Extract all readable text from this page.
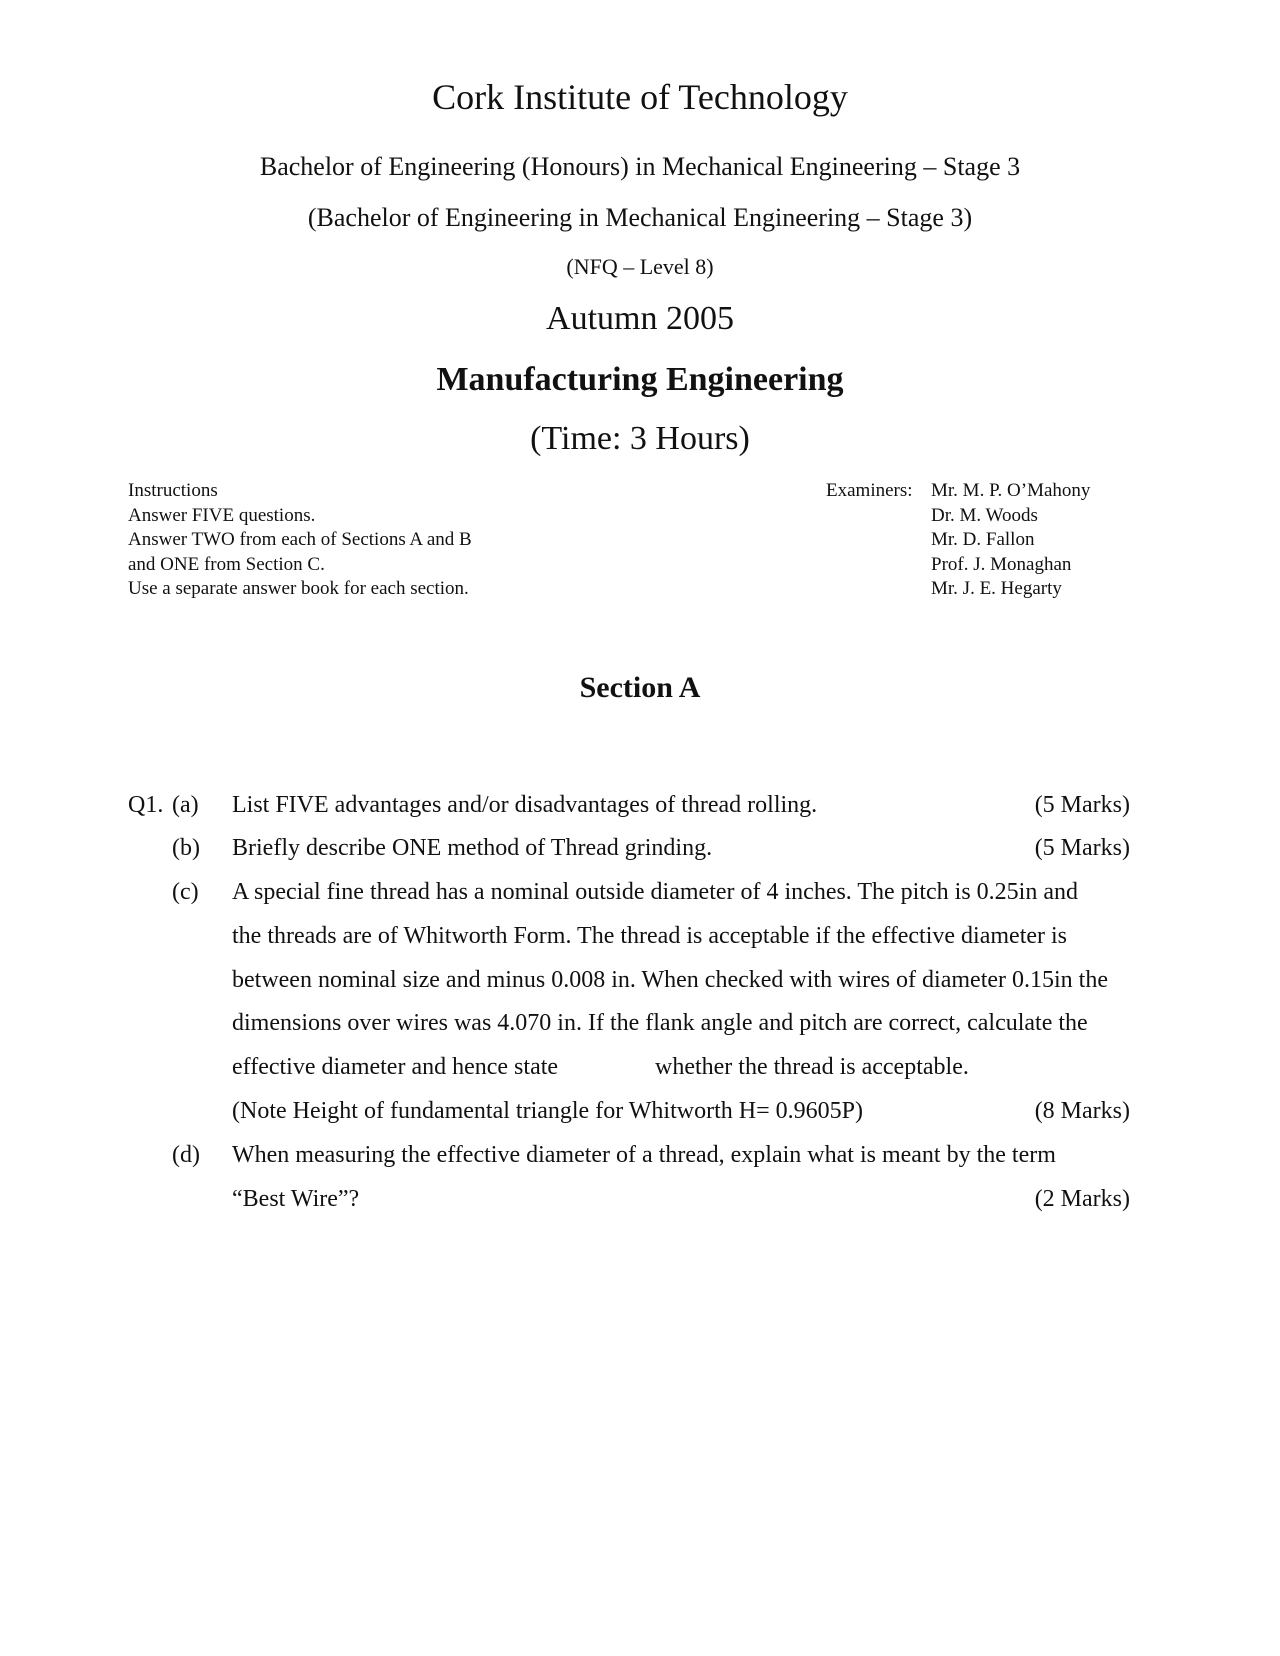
Cork Institute of Technology
Bachelor of Engineering (Honours) in Mechanical Engineering – Stage 3
(Bachelor of Engineering in Mechanical Engineering – Stage 3)
(NFQ – Level 8)
Autumn 2005
Manufacturing Engineering
(Time: 3 Hours)
Instructions
Answer FIVE questions.
Answer TWO from each of Sections A and B
and ONE from Section C.
Use a separate answer book for each section.
Examiners: Mr. M. P. O’Mahony
Dr. M. Woods
Mr. D. Fallon
Prof. J. Monaghan
Mr. J. E. Hegarty
Section A
Q1. (a) List FIVE advantages and/or disadvantages of thread rolling.	(5 Marks)
(b) Briefly describe ONE method of Thread grinding.	(5 Marks)
(c) A special fine thread has a nominal outside diameter of 4 inches. The pitch is 0.25in and
the threads are of Whitworth Form. The thread is acceptable if the effective diameter is
between nominal size and minus 0.008 in. When checked with wires of diameter 0.15in the
dimensions over wires was 4.070 in. If the flank angle and pitch are correct, calculate the
effective diameter and hence state	whether the thread is acceptable.
(Note Height of fundamental triangle for Whitworth H= 0.9605P)	(8 Marks)
(d) When measuring the effective diameter of a thread, explain what is meant by the term
“Best Wire”?	(2 Marks)
